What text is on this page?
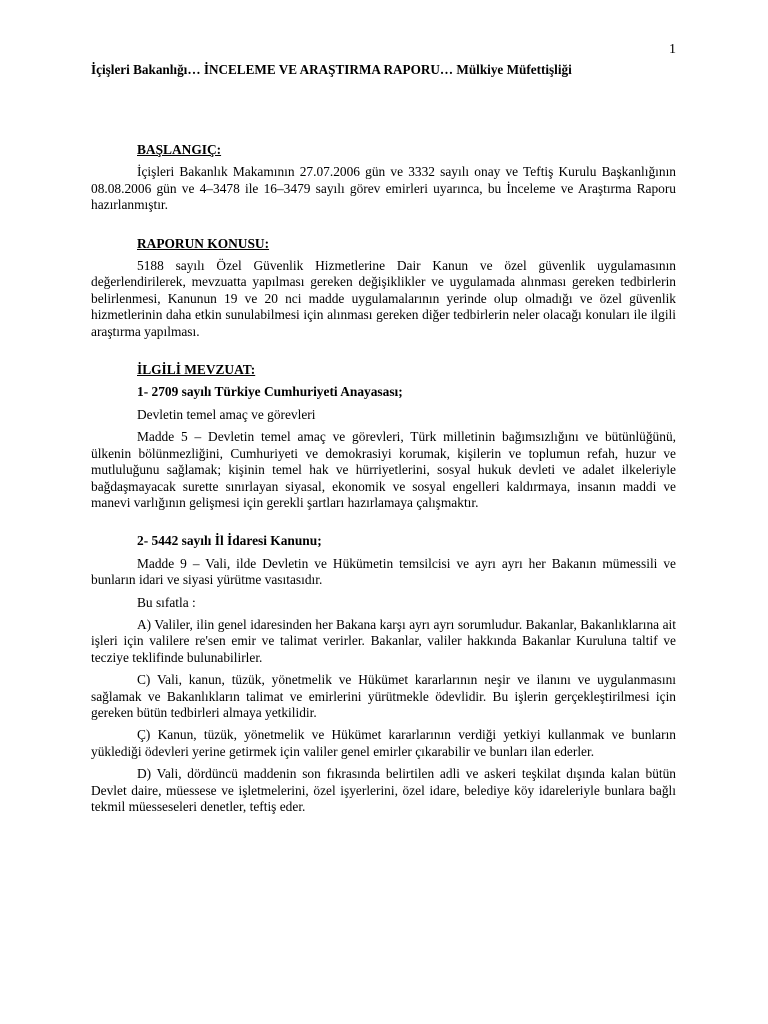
1
İçişleri Bakanlığı… İNCELEME VE ARAŞTIRMA RAPORU… Mülkiye Müfettişliği

BAŞLANGIÇ:

İçişleri Bakanlık Makamının 27.07.2006 gün ve 3332 sayılı onay ve Teftiş Kurulu Başkanlığının 08.08.2006 gün ve 4–3478 ile 16–3479 sayılı görev emirleri uyarınca, bu İnceleme ve Araştırma Raporu hazırlanmıştır.

RAPORUN KONUSU:

5188 sayılı Özel Güvenlik Hizmetlerine Dair Kanun ve özel güvenlik uygulamasının değerlendirilerek, mevzuatta yapılması gereken değişiklikler ve uygulamada alınması gereken tedbirlerin belirlenmesi, Kanunun 19 ve 20 nci madde uygulamalarının yerinde olup olmadığı ve özel güvenlik hizmetlerinin daha etkin sunulabilmesi için alınması gereken diğer tedbirlerin neler olacağı konuları ile ilgili araştırma yapılması.

İLGİLİ MEVZUAT:

1- 2709 sayılı Türkiye Cumhuriyeti Anayasası;

Devletin temel amaç ve görevleri

Madde 5 – Devletin temel amaç ve görevleri, Türk milletinin bağımsızlığını ve bütünlüğünü, ülkenin bölünmezliğini, Cumhuriyeti ve demokrasiyi korumak, kişilerin ve toplumun refah, huzur ve mutluluğunu sağlamak; kişinin temel hak ve hürriyetlerini, sosyal hukuk devleti ve adalet ilkeleriyle bağdaşmayacak surette sınırlayan siyasal, ekonomik ve sosyal engelleri kaldırmaya, insanın maddi ve manevi varlığının gelişmesi için gerekli şartları hazırlamaya çalışmaktır.

2- 5442 sayılı İl İdaresi Kanunu;

Madde 9 – Vali, ilde Devletin ve Hükümetin temsilcisi ve ayrı ayrı her Bakanın mümessili ve bunların idari ve siyasi yürütme vasıtasıdır.

Bu sıfatla :

A) Valiler, ilin genel idaresinden her Bakana karşı ayrı ayrı sorumludur. Bakanlar, Bakanlıklarına ait işleri için valilere re'sen emir ve talimat verirler. Bakanlar, valiler hakkında Bakanlar Kuruluna taltif ve tecziye teklifinde bulunabilirler.

C) Vali, kanun, tüzük, yönetmelik ve Hükümet kararlarının neşir ve ilanını ve uygulanmasını sağlamak ve Bakanlıkların talimat ve emirlerini yürütmekle ödevlidir. Bu işlerin gerçekleştirilmesi için gereken bütün tedbirleri almaya yetkilidir.

Ç) Kanun, tüzük, yönetmelik ve Hükümet kararlarının verdiği yetkiyi kullanmak ve bunların yüklediği ödevleri yerine getirmek için valiler genel emirler çıkarabilir ve bunları ilan ederler.

D) Vali, dördüncü maddenin son fıkrasında belirtilen adli ve askeri teşkilat dışında kalan bütün Devlet daire, müessese ve işletmelerini, özel işyerlerini, özel idare, belediye köy idareleriyle bunlara bağlı tekmil müesseseleri denetler, teftiş eder.
